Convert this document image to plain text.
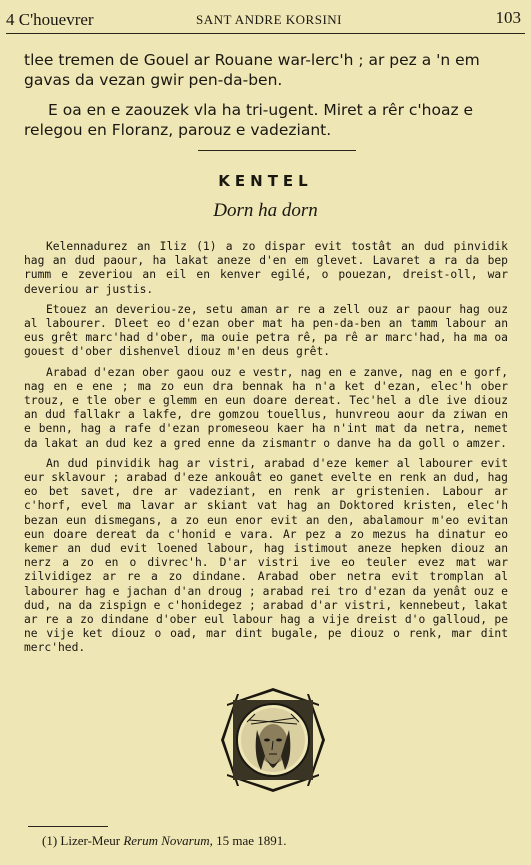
4 C'houevrer	SANT ANDRE KORSINI	103

tlee tremen de Gouel ar Rouane war-lerc'h ; ar pez a 'n em gavas da vezan gwir pen-da-ben.

E oa en e zaouzek vla ha tri-ugent. Miret a rêr c'hoaz e relegou en Floranz, parouz e vadeziant.

KENTEL
Dorn ha dorn

Kelennadurez an Iliz (1) a zo dispar evit tostât an dud pinvidik hag an dud paour, ha lakat aneze d'en em glevet. Lavaret a ra da bep rumm e zeveriou an eil en kenver egilé, o pouezan, dreist-oll, war deveriou ar justis.

Etouez an deveriou-ze, setu aman ar re a zell ouz ar paour hag ouz al labourer. Dleet eo d'ezan ober mat ha pen-da-ben an tamm labour an eus grêt marc'had d'ober, ma ouie petra rê, pa rê ar marc'had, ha ma oa gouest d'ober dishenvel diouz m'en deus grêt.

Arabad d'ezan ober gaou ouz e vestr, nag en e zanve, nag en e gorf, nag en e ene ; ma zo eun dra bennak ha n'a ket d'ezan, elec'h ober trouz, e tle ober e glemm en eun doare dereat. Tec'hel a dle ive diouz an dud fallakr a lakfe, dre gomzou touellus, hunvreou aour da ziwan en e benn, hag a rafe d'ezan promeseou kaer ha n'int mat da netra, nemet da lakat an dud kez a gred enne da zismantr o danve ha da goll o amzer.

An dud pinvidik hag ar vistri, arabad d'eze kemer al labourer evit eur sklavour ; arabad d'eze ankouât eo ganet evelte en renk an dud, hag eo bet savet, dre ar vadeziant, en renk ar gristenien. Labour ar c'horf, evel ma lavar ar skiant vat hag an Doktored kristen, elec'h bezan eun dismegans, a zo eun enor evit an den, abalamour m'eo evitan eun doare dereat da c'honid e vara. Ar pez a zo mezus ha dinatur eo kemer an dud evit loened labour, hag istimout aneze hepken diouz an nerz a zo en o divrec'h. D'ar vistri ive eo teuler evez mat war zilvidigez ar re a zo dindane. Arabad ober netra evit tromplan al labourer hag e jachan d'an droug ; arabad rei tro d'ezan da yenât ouz e dud, na da zispign e c'honidegez ; arabad d'ar vistri, kennebeut, lakat ar re a zo dindane d'ober eul labour hag a vije dreist d'o galloud, pe ne vije ket diouz o oad, mar dint bugale, pe diouz o renk, mar dint merc'hed.

(1) Lizer-Meur Rerum Novarum, 15 mae 1891.
